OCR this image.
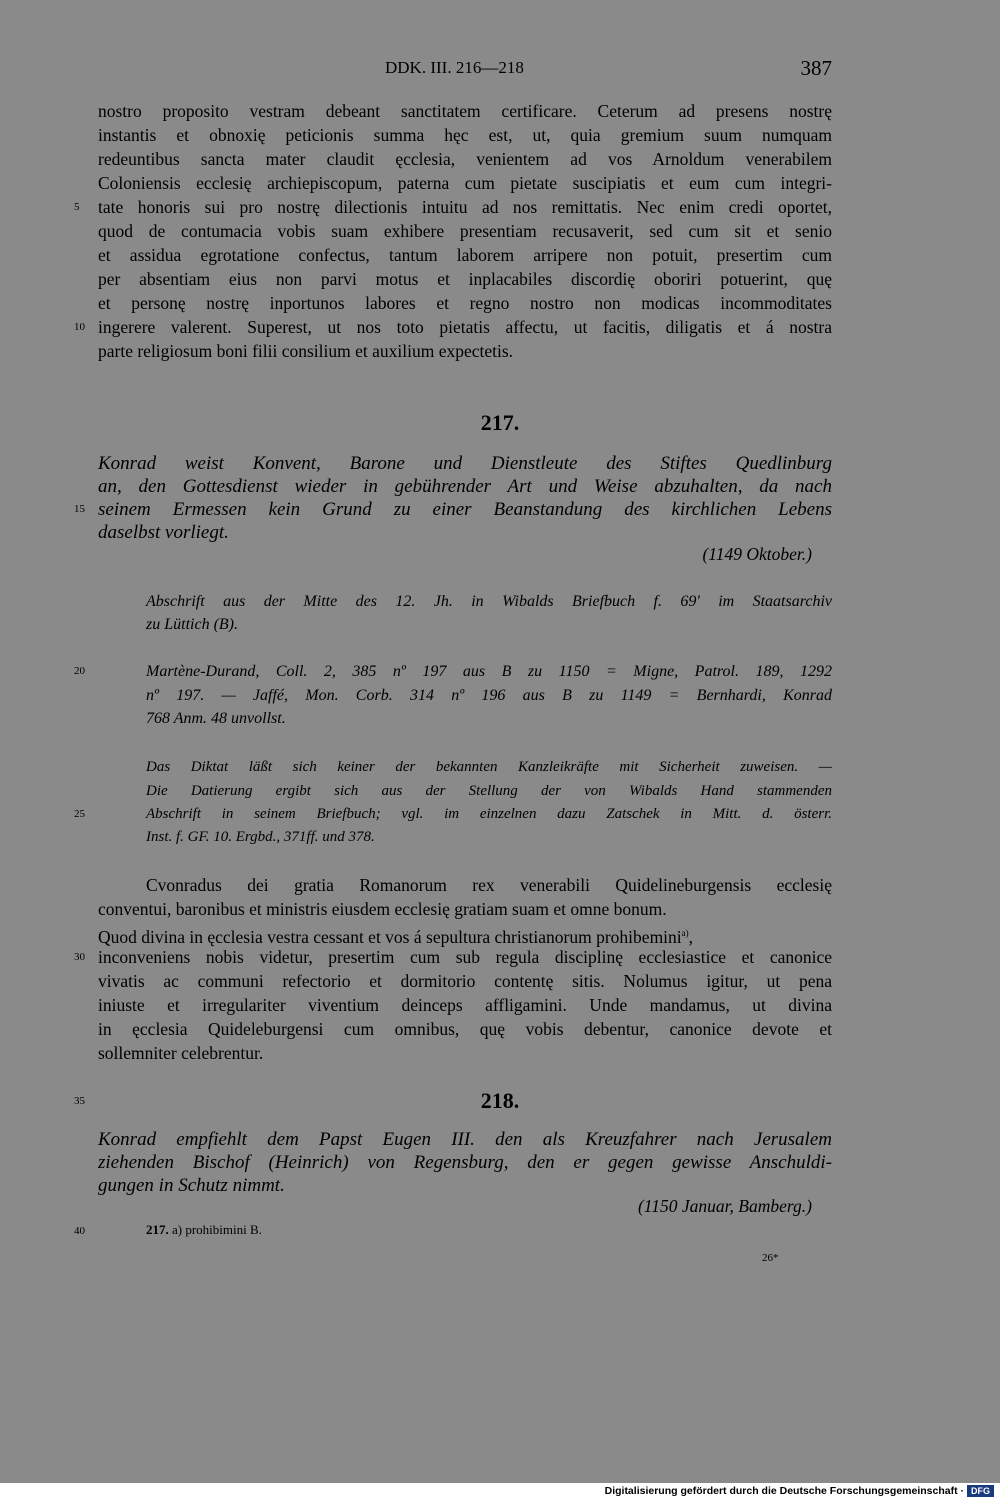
DDK. III. 216—218	387
nostro proposito vestram debeant sanctitatem certificare. Ceterum ad presens nostrę
instantis et obnoxię peticionis summa hęc est, ut, quia gremium suum numquam
redeuntibus sancta mater claudit ęcclesia, venientem ad vos Arnoldum venerabilem
Coloniensis ecclesię archiepiscopum, paterna cum pietate suscipiatis et eum cum integri-
5 tate honoris sui pro nostrę dilectionis intuitu ad nos remittatis. Nec enim credi oportet,
quod de contumacia vobis suam exhibere presentiam recusaverit, sed cum sit et senio
et assidua egrotatione confectus, tantum laborem arripere non potuit, presertim cum
per absentiam eius non parvi motus et inplacabiles discordię oboriri potuerint, quę
et personę nostrę inportunos labores et regno nostro non modicas incommoditates
10 ingerere valerent. Superest, ut nos toto pietatis affectu, ut facitis, diligatis et á nostra
parte religiosum boni filii consilium et auxilium expectetis.
217.
Konrad weist Konvent, Barone und Dienstleute des Stiftes Quedlinburg
an, den Gottesdienst wieder in gebührender Art und Weise abzuhalten, da nach
15 seinem Ermessen kein Grund zu einer Beanstandung des kirchlichen Lebens
daselbst vorliegt.
(1149 Oktober.)
Abschrift aus der Mitte des 12. Jh. in Wibalds Briefbuch f. 69' im Staatsarchiv
zu Lüttich (B).
20	Martène-Durand, Coll. 2, 385 nº 197 aus B zu 1150 = Migne, Patrol. 189, 1292
nº 197. — Jaffé, Mon. Corb. 314 nº 196 aus B zu 1149 = Bernhardi, Konrad
768 Anm. 48 unvollst.
Das Diktat läßt sich keiner der bekannten Kanzleikräfte mit Sicherheit zuweisen. —
Die Datierung ergibt sich aus der Stellung der von Wibalds Hand stammenden
25	Abschrift in seinem Briefbuch; vgl. im einzelnen dazu Zatschek in Mitt. d. österr.
Inst. f. GF. 10. Ergbd., 371ff. und 378.
Cvonradus dei gratia Romanorum rex venerabili Quidelineburgensis ecclesię
conventui, baronibus et ministris eiusdem ecclesię gratiam suam et omne bonum.
Quod divina in ęcclesia vestra cessant et vos á sepultura christianorum prohibemini$^{a)}$,
30 inconveniens nobis videtur, presertim cum sub regula disciplinę ecclesiastice et canonice
vivatis ac communi refectorio et dormitorio contentę sitis. Nolumus igitur, ut pena
iniuste et irregulariter viventium deinceps affligamini. Unde mandamus, ut divina
in ęcclesia Quideleburgensi cum omnibus, quę vobis debentur, canonice devote et
sollemniter celebrentur.
35	218.
Konrad empfiehlt dem Papst Eugen III. den als Kreuzfahrer nach Jerusalem
ziehenden Bischof (Heinrich) von Regensburg, den er gegen gewisse Anschuldi-
gungen in Schutz nimmt.
(1150 Januar, Bamberg.)
40	217. a) prohibimini B.
26*
Digitalisierung gefördert durch die Deutsche Forschungsgemeinschaft · DFG
